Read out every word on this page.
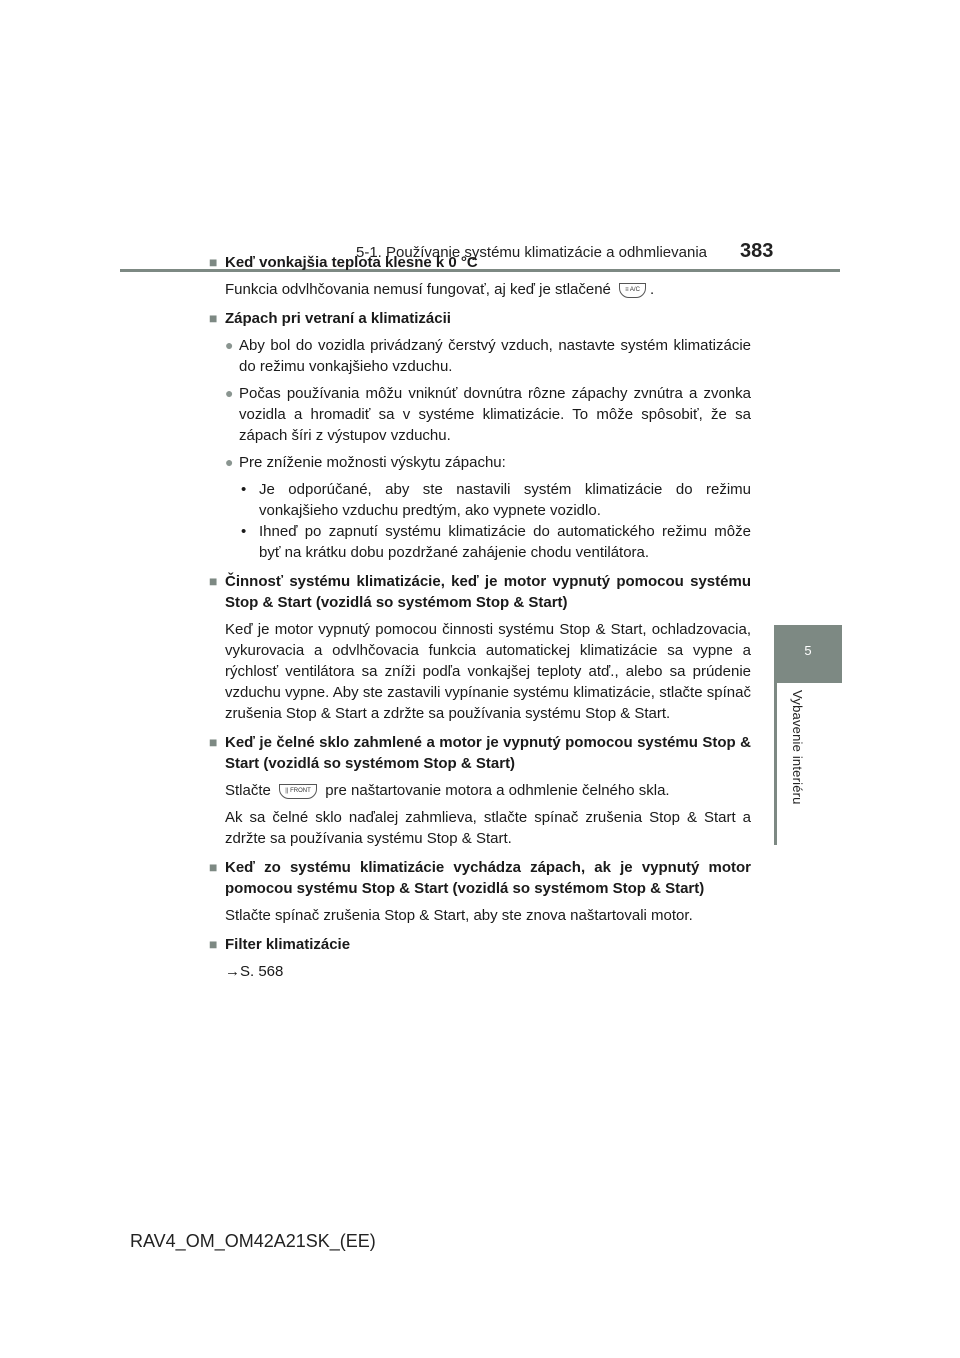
5-1. Používanie systému klimatizácie a odhmlievania 383
5
Vybavenie interiéru
■ Keď vonkajšia teplota klesne k 0 °C
Funkcia odvlhčovania nemusí fungovať, aj keď je stlačené ≡ A/C .
■ Zápach pri vetraní a klimatizácii
● Aby bol do vozidla privádzaný čerstvý vzduch, nastavte systém klimatizácie do režimu vonkajšieho vzduchu.
● Počas používania môžu vniknúť dovnútra rôzne zápachy zvnútra a zvonka vozidla a hromadiť sa v systéme klimatizácie. To môže spôsobiť, že sa zápach šíri z výstupov vzduchu.
● Pre zníženie možnosti výskytu zápachu:
• Je odporúčané, aby ste nastavili systém klimatizácie do režimu vonkajšieho vzduchu predtým, ako vypnete vozidlo.
• Ihneď po zapnutí systému klimatizácie do automatického režimu môže byť na krátku dobu pozdržané zahájenie chodu ventilátora.
■ Činnosť systému klimatizácie, keď je motor vypnutý pomocou systému Stop & Start (vozidlá so systémom Stop & Start)
Keď je motor vypnutý pomocou činnosti systému Stop & Start, ochladzovacia, vykurovacia a odvlhčovacia funkcia automatickej klimatizácie sa vypne a rýchlosť ventilátora sa zníži podľa vonkajšej teploty atď., alebo sa prúdenie vzduchu vypne. Aby ste zastavili vypínanie systému klimatizácie, stlačte spínač zrušenia Stop & Start a zdržte sa používania systému Stop & Start.
■ Keď je čelné sklo zahmlené a motor je vypnutý pomocou systému Stop & Start (vozidlá so systémom Stop & Start)
Stlačte || FRONT pre naštartovanie motora a odhmlenie čelného skla.
Ak sa čelné sklo naďalej zahmlieva, stlačte spínač zrušenia Stop & Start a zdržte sa používania systému Stop & Start.
■ Keď zo systému klimatizácie vychádza zápach, ak je vypnutý motor pomocou systému Stop & Start (vozidlá so systémom Stop & Start)
Stlačte spínač zrušenia Stop & Start, aby ste znova naštartovali motor.
■ Filter klimatizácie
→S. 568
RAV4_OM_OM42A21SK_(EE)
